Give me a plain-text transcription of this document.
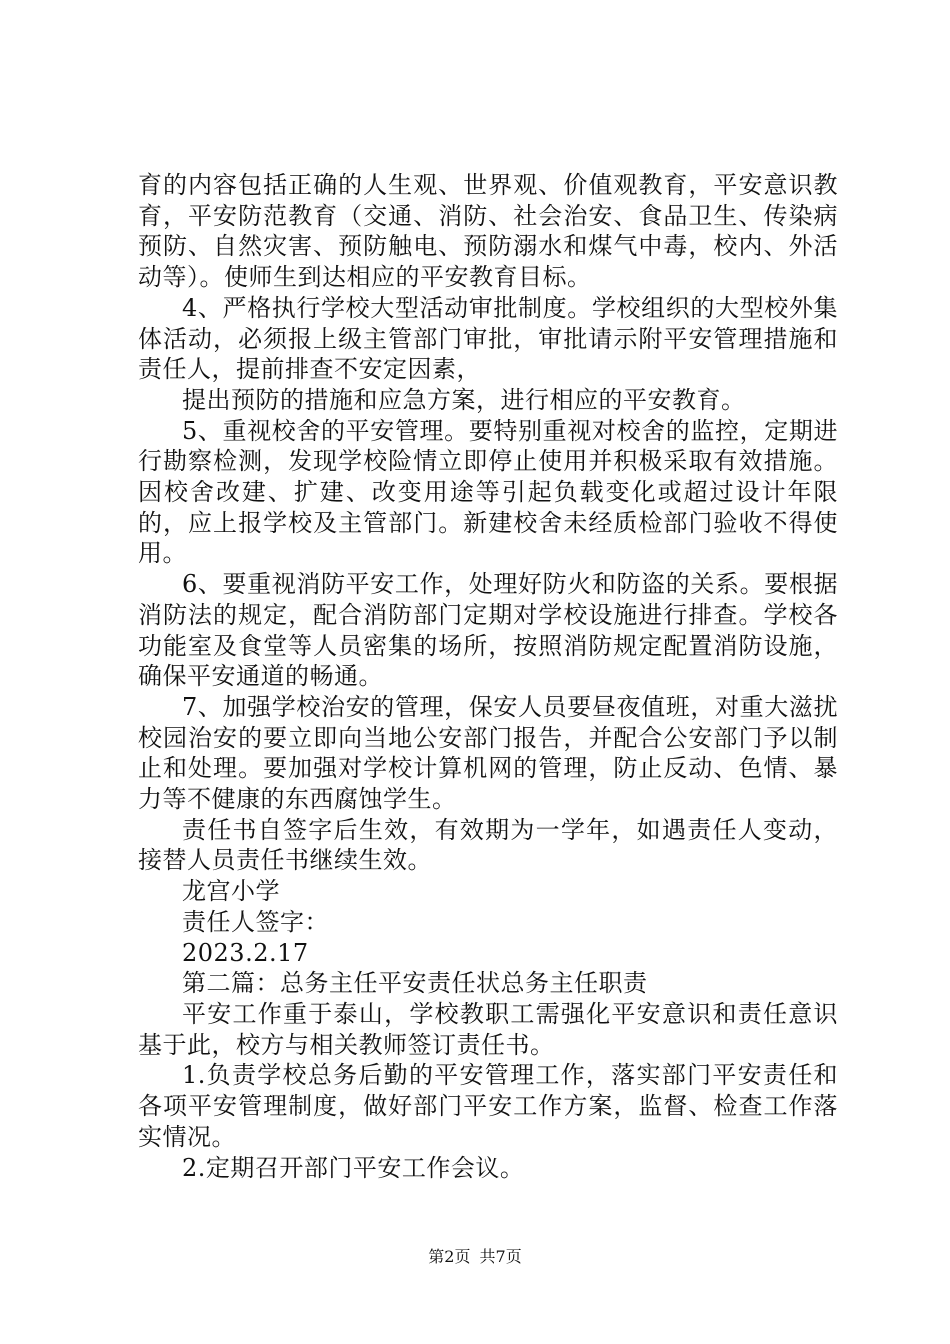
育的内容包括正确的人生观、世界观、价值观教育，平安意识教育，平安防范教育（交通、消防、社会治安、食品卫生、传染病预防、自然灾害、预防触电、预防溺水和煤气中毒，校内、外活动等）。使师生到达相应的平安教育目标。

4、严格执行学校大型活动审批制度。学校组织的大型校外集体活动，必须报上级主管部门审批，审批请示附平安管理措施和责任人，提前排查不安定因素，

提出预防的措施和应急方案，进行相应的平安教育。

5、重视校舍的平安管理。要特别重视对校舍的监控，定期进行勘察检测，发现学校险情立即停止使用并积极采取有效措施。因校舍改建、扩建、改变用途等引起负载变化或超过设计年限的，应上报学校及主管部门。新建校舍未经质检部门验收不得使用。

6、要重视消防平安工作，处理好防火和防盗的关系。要根据消防法的规定，配合消防部门定期对学校设施进行排查。学校各功能室及食堂等人员密集的场所，按照消防规定配置消防设施，确保平安通道的畅通。

7、加强学校治安的管理，保安人员要昼夜值班，对重大滋扰校园治安的要立即向当地公安部门报告，并配合公安部门予以制止和处理。要加强对学校计算机网的管理，防止反动、色情、暴力等不健康的东西腐蚀学生。

责任书自签字后生效，有效期为一学年，如遇责任人变动，接替人员责任书继续生效。

龙宫小学

责任人签字：

2023.2.17

第二篇：总务主任平安责任状总务主任职责

平安工作重于泰山，学校教职工需强化平安意识和责任意识基于此，校方与相关教师签订责任书。

1.负责学校总务后勤的平安管理工作，落实部门平安责任和各项平安管理制度，做好部门平安工作方案，监督、检查工作落实情况。

2.定期召开部门平安工作会议。

第2页 共7页
